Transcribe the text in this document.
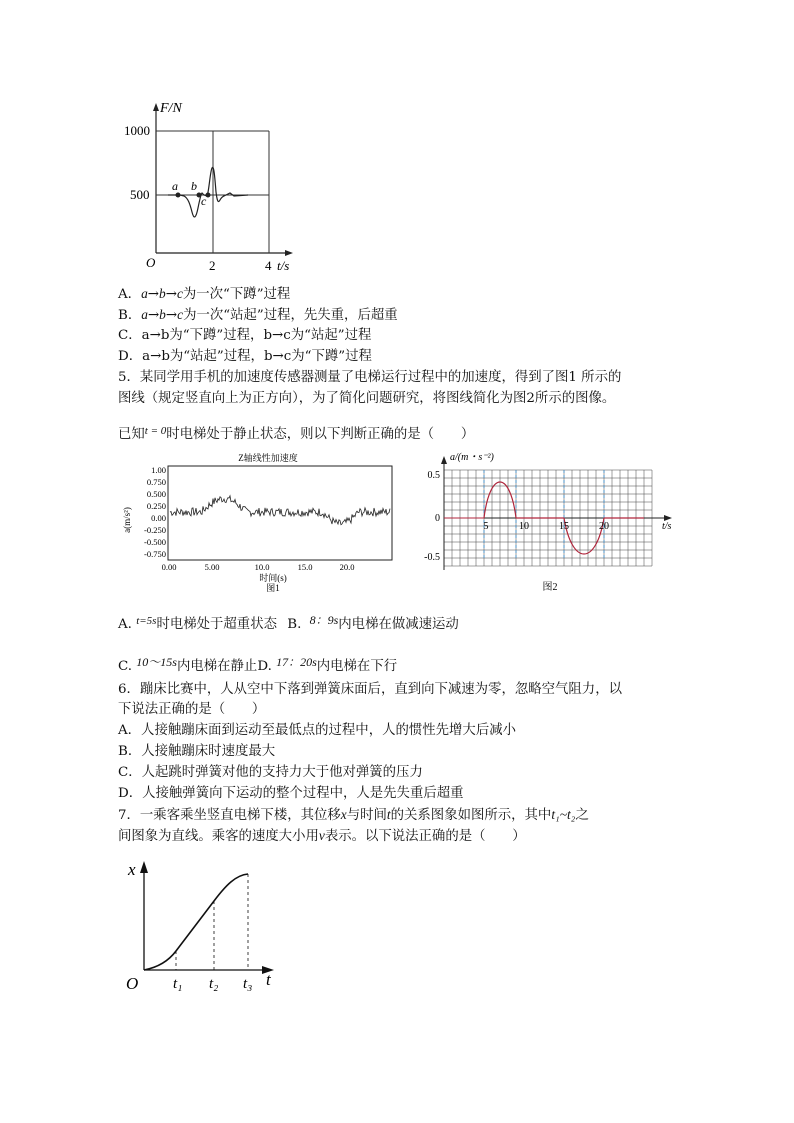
F/N
1000
500
O	2	4 t/s
a b
c
A．a→b→c为一次“下蹲”过程
B．a→b→c为一次“站起”过程，先失重，后超重
C．a→b为“下蹲”过程，b→c为“站起”过程
D．a→b为“站起”过程，b→c为“下蹲”过程
5．某同学用手机的加速度传感器测量了电梯运行过程中的加速度，得到了图1 所示的
图线（规定竖直向上为正方向），为了简化问题研究，将图线简化为图2所示的图像。
已知$^{t = 0}$时电梯处于静止状态，则以下判断正确的是（　　）
Z轴线性加速度
1.00
0.750
0.500
0.250
0.00
-0.250
-0.500
-0.750
a(m/s²)
0.00	5.00	10.0	15.0	20.0
时间(s)
图1
a/(m・s⁻²)
0.5
0
-0.5
5	10	15	20	t/s
图2
A. $^{t=5s}$时电梯处于超重状态 B. 8：9s内电梯在做减速运动
C. 10～15s内电梯在静止D. 17：20s内电梯在下行
6．蹦床比赛中，人从空中下落到弹簧床面后，直到向下减速为零，忽略空气阻力，以
下说法正确的是（　　）
A．人接触蹦床面到运动至最低点的过程中，人的惯性先增大后减小
B．人接触蹦床时速度最大
C．人起跳时弹簧对他的支持力大于他对弹簧的压力
D．人接触弹簧向下运动的整个过程中，人是先失重后超重
7．一乘客乘坐竖直电梯下楼，其位移x与时间t的关系图象如图所示，其中t₁~t₂之
间图象为直线。乘客的速度大小用v表示。以下说法正确的是（　　）
x
O	t
t₁ t₂ t₃
